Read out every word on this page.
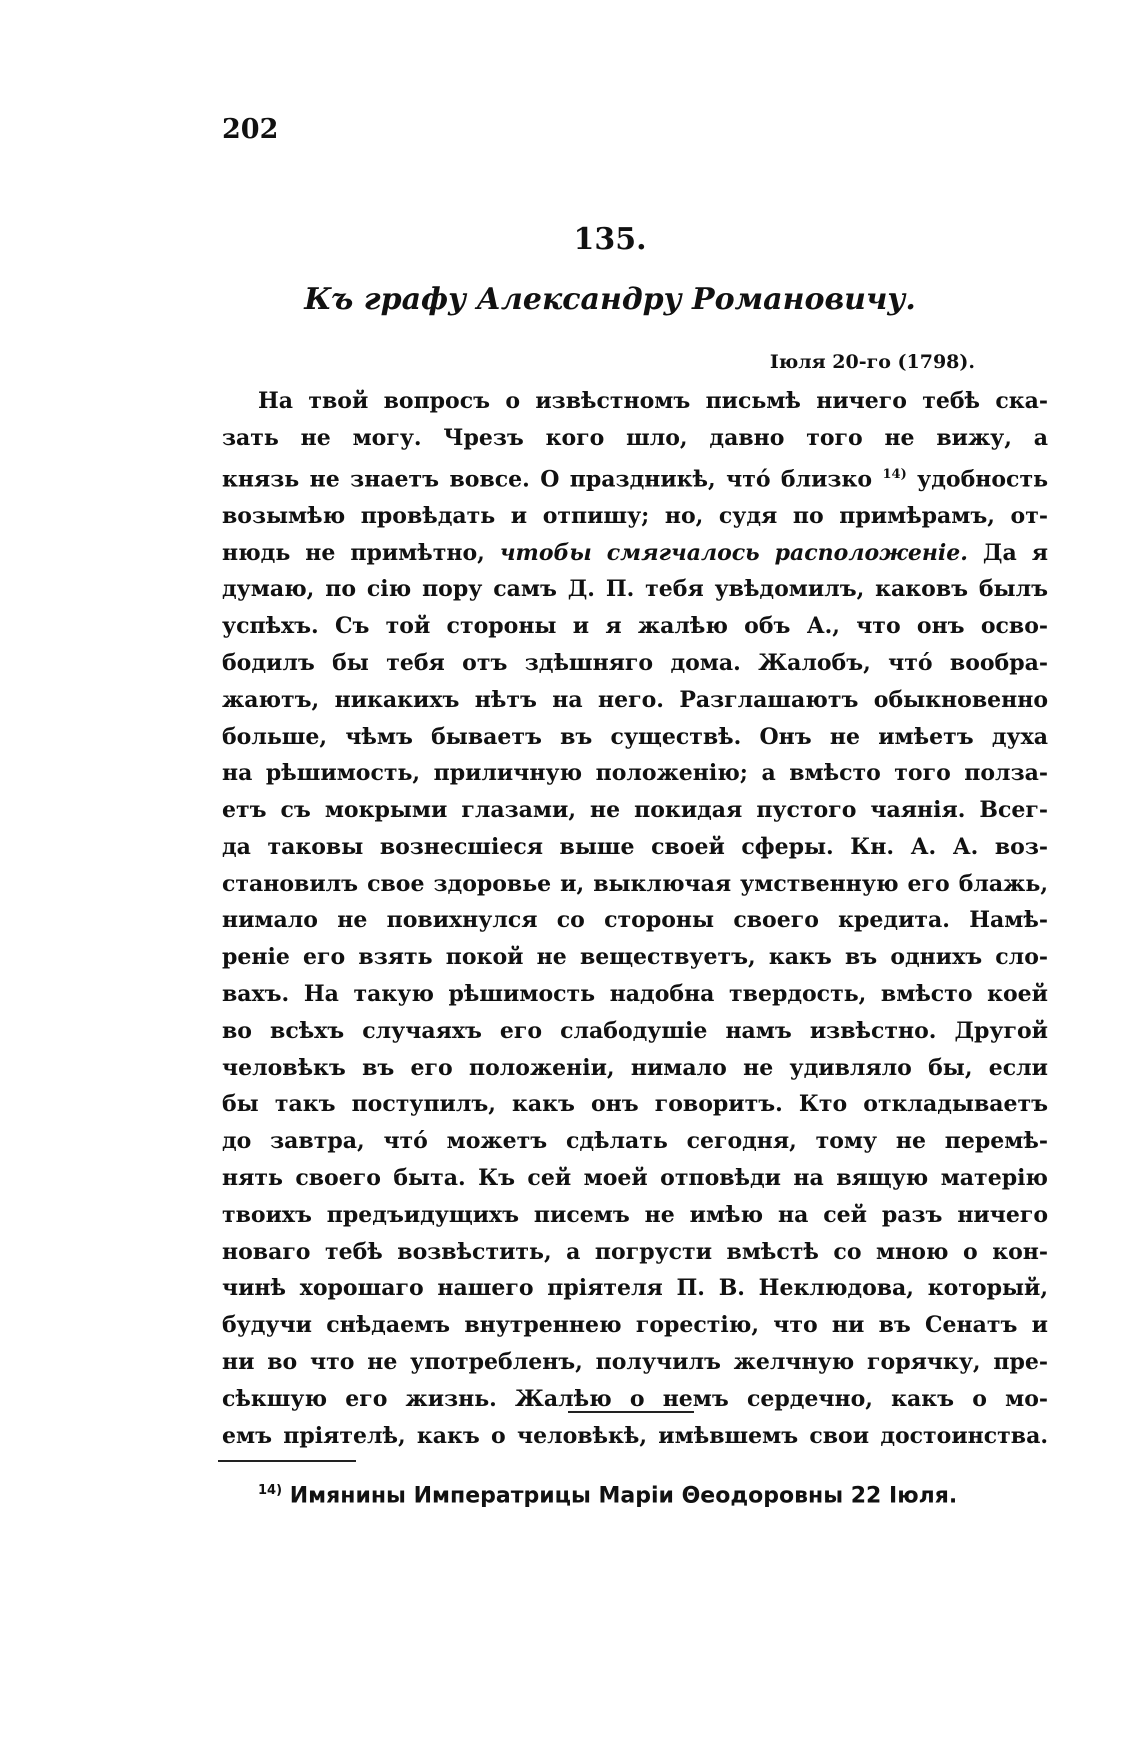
202
135.
Къ графу Александру Романовичу.
Іюля 20-го (1798).
На твой вопросъ о извѣстномъ письмѣ ничего тебѣ ска-
зать не могу. Чрезъ кого шло, давно того не вижу, а
князь не знаетъ вовсе. О праздникѣ, чтó близко $^{14)}$ удобность
возымѣю провѣдать и отпишу; но, судя по примѣрамъ, от-
нюдь не примѣтно, чтобы смягчалось расположеніе. Да я
думаю, по сію пору самъ Д. П. тебя увѣдомилъ, каковъ былъ
успѣхъ. Съ той стороны и я жалѣю объ А., что онъ осво-
бодилъ бы тебя отъ здѣшняго дома. Жалобъ, чтó вообра-
жаютъ, никакихъ нѣтъ на него. Разглашаютъ обыкновенно
больше, чѣмъ бываетъ въ существѣ. Онъ не имѣетъ духа
на рѣшимость, приличную положенію; а вмѣсто того полза-
етъ съ мокрыми глазами, не покидая пустого чаянія. Всег-
да таковы вознесшіеся выше своей сферы. Кн. А. А. воз-
становилъ свое здоровье и, выключая умственную его блажь,
нимало не повихнулся со стороны своего кредита. Намѣ-
реніе его взять покой не веществуетъ, какъ въ однихъ сло-
вахъ. На такую рѣшимость надобна твердость, вмѣсто коей
во всѣхъ случаяхъ его слабодушіе намъ извѣстно. Другой
человѣкъ въ его положеніи, нимало не удивляло бы, если
бы такъ поступилъ, какъ онъ говоритъ. Кто откладываетъ
до завтра, чтó можетъ сдѣлать сегодня, тому не перемѣ-
нять своего быта. Къ сей моей отповѣди на вящую матерію
твоихъ предъидущихъ писемъ не имѣю на сей разъ ничего
новаго тебѣ возвѣстить, а погрусти вмѣстѣ со мною о кон-
чинѣ хорошаго нашего пріятеля П. В. Неклюдова, который,
будучи снѣдаемъ внутреннею горестію, что ни въ Сенатъ и
ни во что не употребленъ, получилъ желчную горячку, пре-
сѣкшую его жизнь. Жалѣю о немъ сердечно, какъ о мо-
емъ пріятелѣ, какъ о человѣкѣ, имѣвшемъ свои достоинства.
$^{14)}$ Имянины Императрицы Маріи Θеодоровны 22 Іюля.
